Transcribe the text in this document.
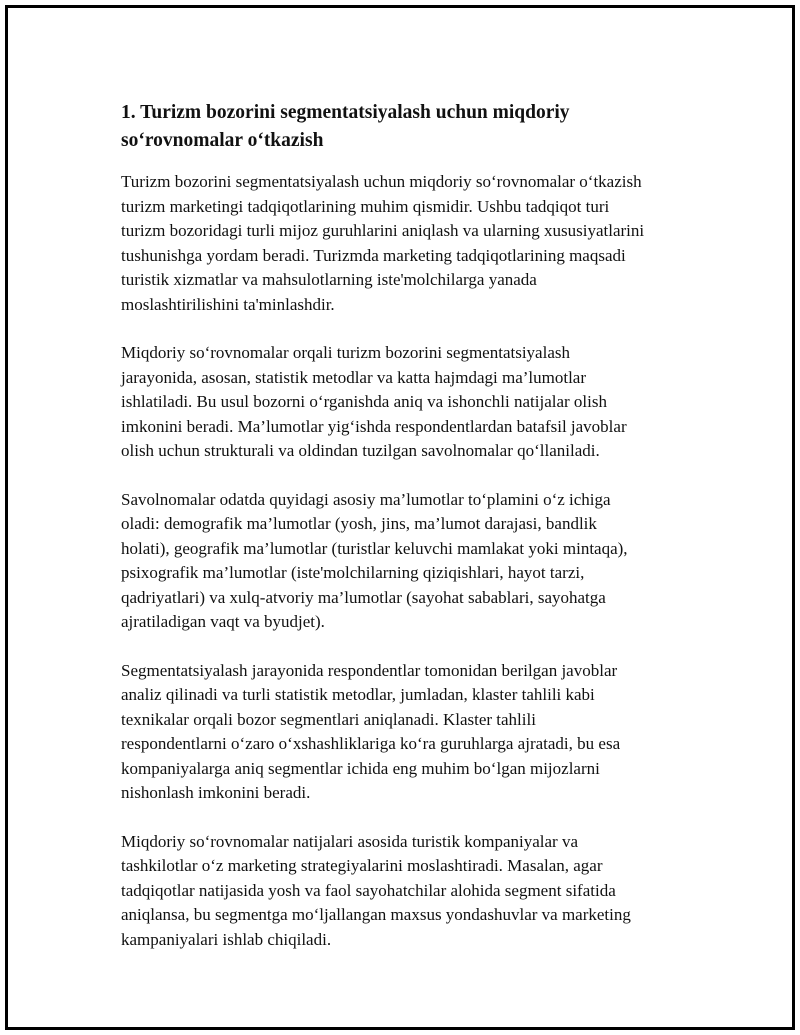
1. Turizm bozorini segmentatsiyalash uchun miqdoriy
so‘rovnomalar o‘tkazish

Turizm bozorini segmentatsiyalash uchun miqdoriy so‘rovnomalar o‘tkazish
turizm marketingi tadqiqotlarining muhim qismidir. Ushbu tadqiqot turi
turizm bozoridagi turli mijoz guruhlarini aniqlash va ularning xususiyatlarini
tushunishga yordam beradi. Turizmda marketing tadqiqotlarining maqsadi
turistik xizmatlar va mahsulotlarning iste'molchilarga yanada
moslashtirilishini ta'minlashdir.

Miqdoriy so‘rovnomalar orqali turizm bozorini segmentatsiyalash
jarayonida, asosan, statistik metodlar va katta hajmdagi ma’lumotlar
ishlatiladi. Bu usul bozorni o‘rganishda aniq va ishonchli natijalar olish
imkonini beradi. Ma’lumotlar yig‘ishda respondentlardan batafsil javoblar
olish uchun strukturali va oldindan tuzilgan savolnomalar qo‘llaniladi.

Savolnomalar odatda quyidagi asosiy ma’lumotlar to‘plamini o‘z ichiga
oladi: demografik ma’lumotlar (yosh, jins, ma’lumot darajasi, bandlik
holati), geografik ma’lumotlar (turistlar keluvchi mamlakat yoki mintaqa),
psixografik ma’lumotlar (iste'molchilarning qiziqishlari, hayot tarzi,
qadriyatlari) va xulq-atvoriy ma’lumotlar (sayohat sabablari, sayohatga
ajratiladigan vaqt va byudjet).

Segmentatsiyalash jarayonida respondentlar tomonidan berilgan javoblar
analiz qilinadi va turli statistik metodlar, jumladan, klaster tahlili kabi
texnikalar orqali bozor segmentlari aniqlanadi. Klaster tahlili
respondentlarni o‘zaro o‘xshashliklariga ko‘ra guruhlarga ajratadi, bu esa
kompaniyalarga aniq segmentlar ichida eng muhim bo‘lgan mijozlarni
nishonlash imkonini beradi.

Miqdoriy so‘rovnomalar natijalari asosida turistik kompaniyalar va
tashkilotlar o‘z marketing strategiyalarini moslashtiradi. Masalan, agar
tadqiqotlar natijasida yosh va faol sayohatchilar alohida segment sifatida
aniqlansa, bu segmentga mo‘ljallangan maxsus yondashuvlar va marketing
kampaniyalari ishlab chiqiladi.
